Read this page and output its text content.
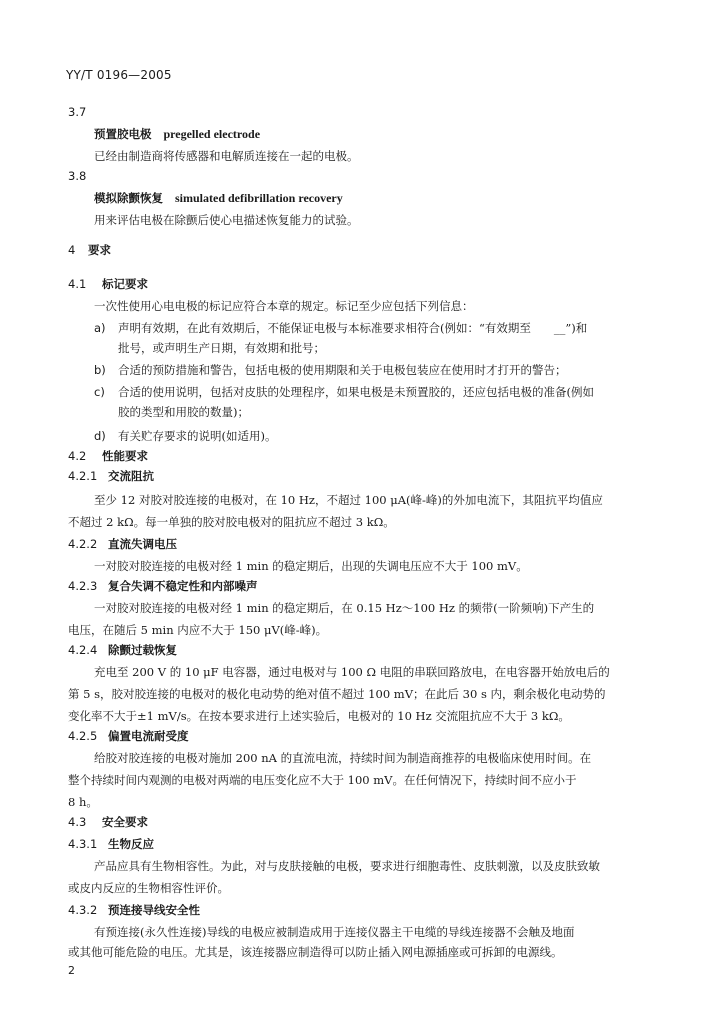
YY/T 0196—2005
3.7
预置胶电极 pregelled electrode
已经由制造商将传感器和电解质连接在一起的电极。
3.8
模拟除颤恢复 simulated defibrillation recovery
用来评估电极在除颤后使心电描述恢复能力的试验。
4 要求
4.1 标记要求
一次性使用心电电极的标记应符合本章的规定。标记至少应包括下列信息：
a) 声明有效期，在此有效期后，不能保证电极与本标准要求相符合(例如：“有效期至　　__”)和
批号，或声明生产日期，有效期和批号；
b) 合适的预防措施和警告，包括电极的使用期限和关于电极包装应在使用时才打开的警告；
c) 合适的使用说明，包括对皮肤的处理程序，如果电极是未预置胶的，还应包括电极的准备(例如
胶的类型和用胶的数量)；
d) 有关贮存要求的说明(如适用)。
4.2 性能要求
4.2.1 交流阻抗
至少 12 对胶对胶连接的电极对，在 10 Hz，不超过 100 μA(峰-峰)的外加电流下，其阻抗平均值应
不超过 2 kΩ。每一单独的胶对胶电极对的阻抗应不超过 3 kΩ。
4.2.2 直流失调电压
一对胶对胶连接的电极对经 1 min 的稳定期后，出现的失调电压应不大于 100 mV。
4.2.3 复合失调不稳定性和内部噪声
一对胶对胶连接的电极对经 1 min 的稳定期后，在 0.15 Hz～100 Hz 的频带(一阶频响)下产生的
电压，在随后 5 min 内应不大于 150 μV(峰-峰)。
4.2.4 除颤过载恢复
充电至 200 V 的 10 μF 电容器，通过电极对与 100 Ω 电阻的串联回路放电，在电容器开始放电后的
第 5 s，胶对胶连接的电极对的极化电动势的绝对值不超过 100 mV；在此后 30 s 内，剩余极化电动势的
变化率不大于±1 mV/s。在按本要求进行上述实验后，电极对的 10 Hz 交流阻抗应不大于 3 kΩ。
4.2.5 偏置电流耐受度
给胶对胶连接的电极对施加 200 nA 的直流电流，持续时间为制造商推荐的电极临床使用时间。在
整个持续时间内观测的电极对两端的电压变化应不大于 100 mV。在任何情况下，持续时间不应小于
8 h。
4.3 安全要求
4.3.1 生物反应
产品应具有生物相容性。为此，对与皮肤接触的电极，要求进行细胞毒性、皮肤刺激，以及皮肤致敏
或皮内反应的生物相容性评价。
4.3.2 预连接导线安全性
有预连接(永久性连接)导线的电极应被制造成用于连接仪器主干电缆的导线连接器不会触及地面
或其他可能危险的电压。尤其是，该连接器应制造得可以防止插入网电源插座或可拆卸的电源线。
2
